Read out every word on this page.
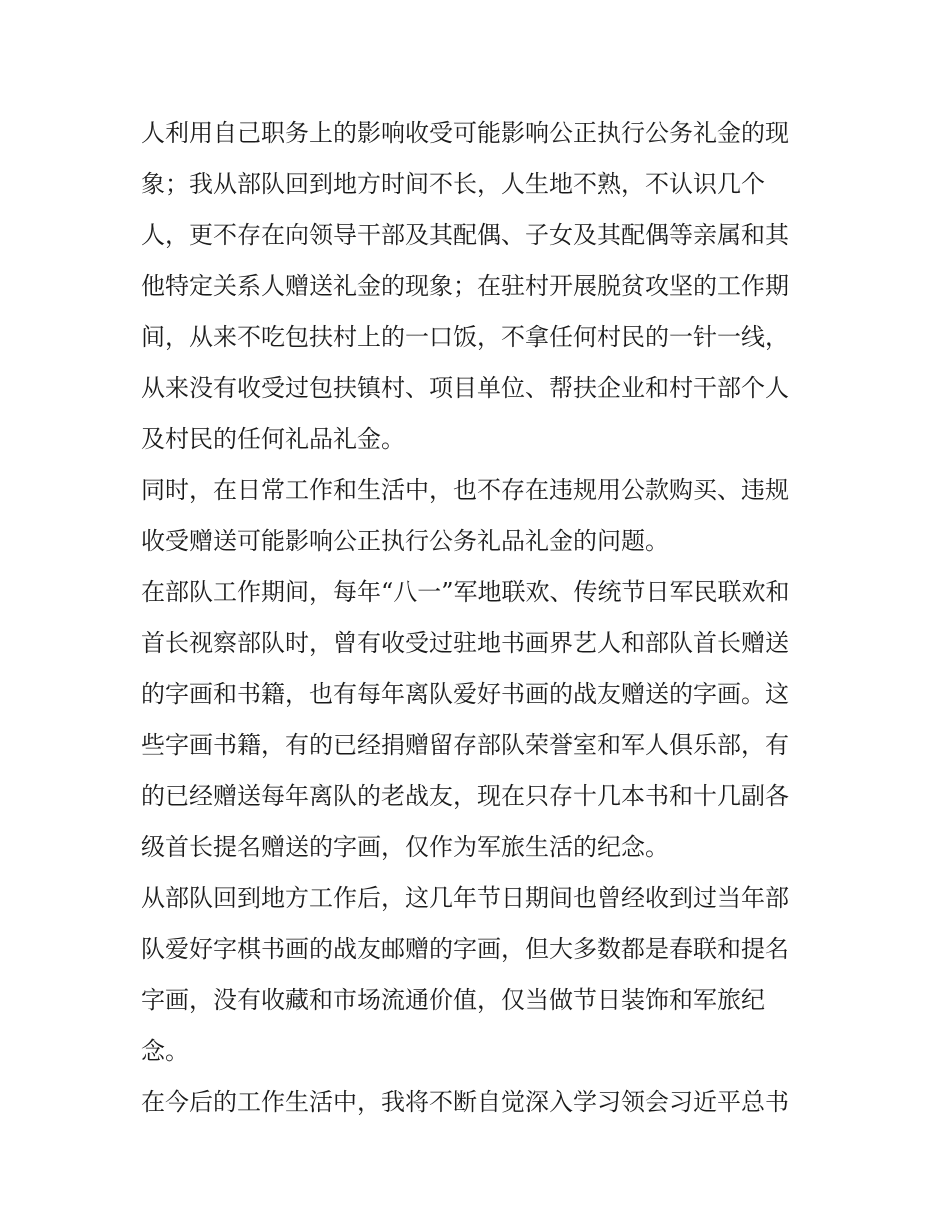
人利用自己职务上的影响收受可能影响公正执行公务礼金的现
象；我从部队回到地方时间不长，人生地不熟，不认识几个
人，更不存在向领导干部及其配偶、子女及其配偶等亲属和其
他特定关系人赠送礼金的现象；在驻村开展脱贫攻坚的工作期
间，从来不吃包扶村上的一口饭，不拿任何村民的一针一线，
从来没有收受过包扶镇村、项目单位、帮扶企业和村干部个人
及村民的任何礼品礼金。
同时，在日常工作和生活中，也不存在违规用公款购买、违规
收受赠送可能影响公正执行公务礼品礼金的问题。
在部队工作期间，每年“八一”军地联欢、传统节日军民联欢和
首长视察部队时，曾有收受过驻地书画界艺人和部队首长赠送
的字画和书籍，也有每年离队爱好书画的战友赠送的字画。这
些字画书籍，有的已经捐赠留存部队荣誉室和军人俱乐部，有
的已经赠送每年离队的老战友，现在只存十几本书和十几副各
级首长提名赠送的字画，仅作为军旅生活的纪念。
从部队回到地方工作后，这几年节日期间也曾经收到过当年部
队爱好字棋书画的战友邮赠的字画，但大多数都是春联和提名
字画，没有收藏和市场流通价值，仅当做节日装饰和军旅纪
念。
在今后的工作生活中，我将不断自觉深入学习领会习近平总书
